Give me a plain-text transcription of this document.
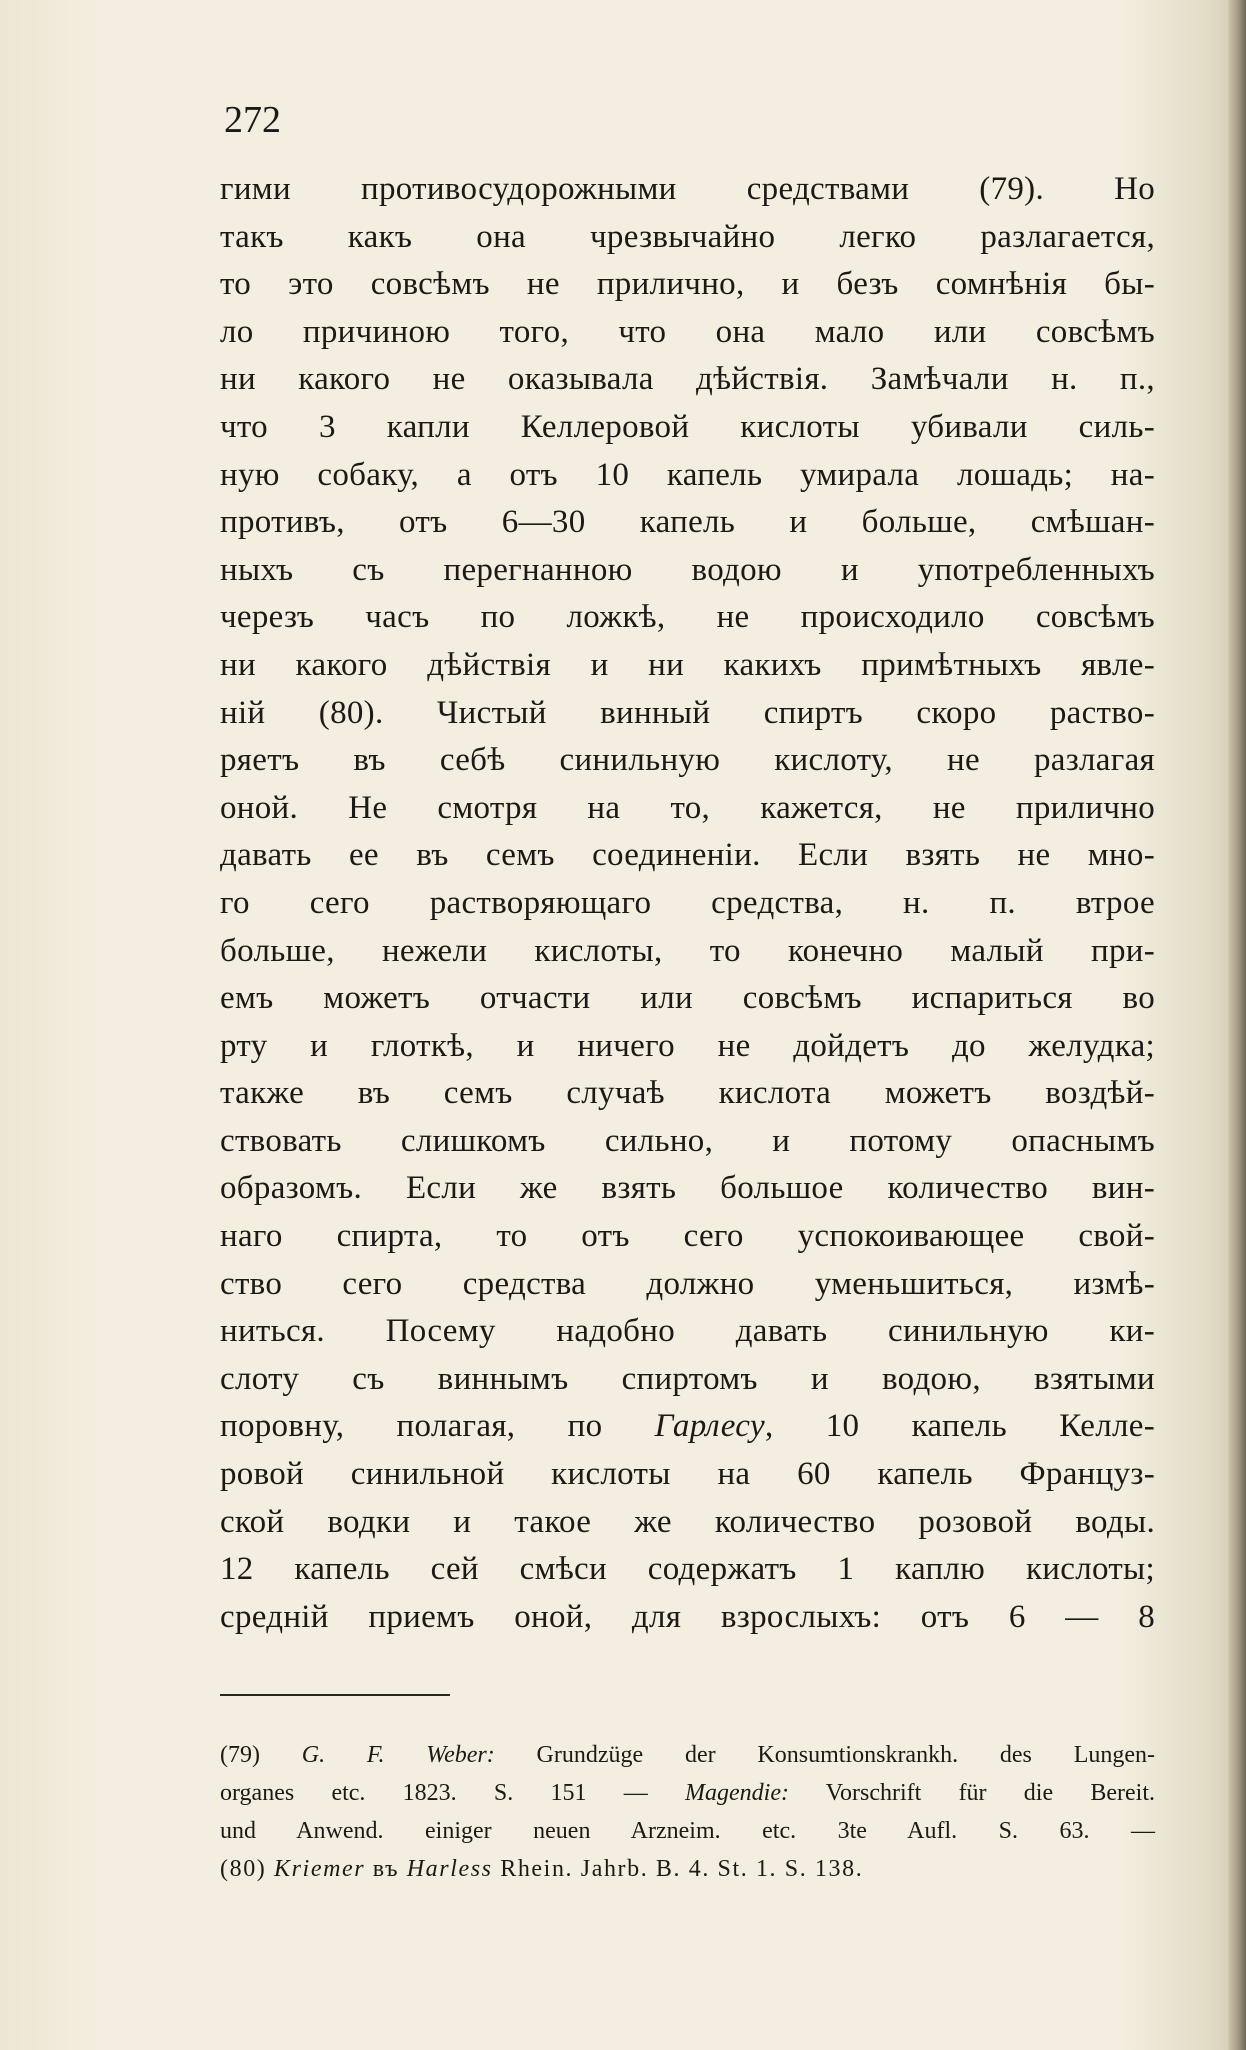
272
гими противосудорожными средствами (79). Но
такъ какъ она чрезвычайно легко разлагается,
то это совсѣмъ не прилично, и безъ сомнѣнія бы-
ло причиною того, что она мало или совсѣмъ
ни какого не оказывала дѣйствія. Замѣчали н. п.,
что 3 капли Келлеровой кислоты убивали силь-
ную собаку, а отъ 10 капель умирала лошадь; на-
противъ, отъ 6—30 капель и больше, смѣшан-
ныхъ съ перегнанною водою и употребленныхъ
черезъ часъ по ложкѣ, не происходило совсѣмъ
ни какого дѣйствія и ни какихъ примѣтныхъ явле-
ній (80). Чистый винный спиртъ скоро раство-
ряетъ въ себѣ синильную кислоту, не разлагая
оной. Не смотря на то, кажется, не прилично
давать ее въ семъ соединеніи. Если взять не мно-
го сего растворяющаго средства, н. п. втрое
больше, нежели кислоты, то конечно малый при-
емъ можетъ отчасти или совсѣмъ испариться во
рту и глоткѣ, и ничего не дойдетъ до желудка;
также въ семъ случаѣ кислота можетъ воздѣй-
ствовать слишкомъ сильно, и потому опаснымъ
образомъ. Если же взять большое количество вин-
наго спирта, то отъ сего успокоивающее свой-
ство сего средства должно уменьшиться, измѣ-
ниться. Посему надобно давать синильную ки-
слоту съ виннымъ спиртомъ и водою, взятыми
поровну, полагая, по Гарлесу, 10 капель Келле-
ровой синильной кислоты на 60 капель Француз-
ской водки и такое же количество розовой воды.
12 капель сей смѣси содержатъ 1 каплю кислоты;
средній приемъ оной, для взрослыхъ: отъ 6 — 8
(79) G. F. Weber: Grundzüge der Konsumtionskrankh. des Lungen-
organes etc. 1823. S. 151 — Magendie: Vorschrift für die Bereit.
und Anwend. einiger neuen Arzneim. etc. 3te Aufl. S. 63. —
(80) Kriemer въ Harless Rhein. Jahrb. B. 4. St. 1. S. 138.
